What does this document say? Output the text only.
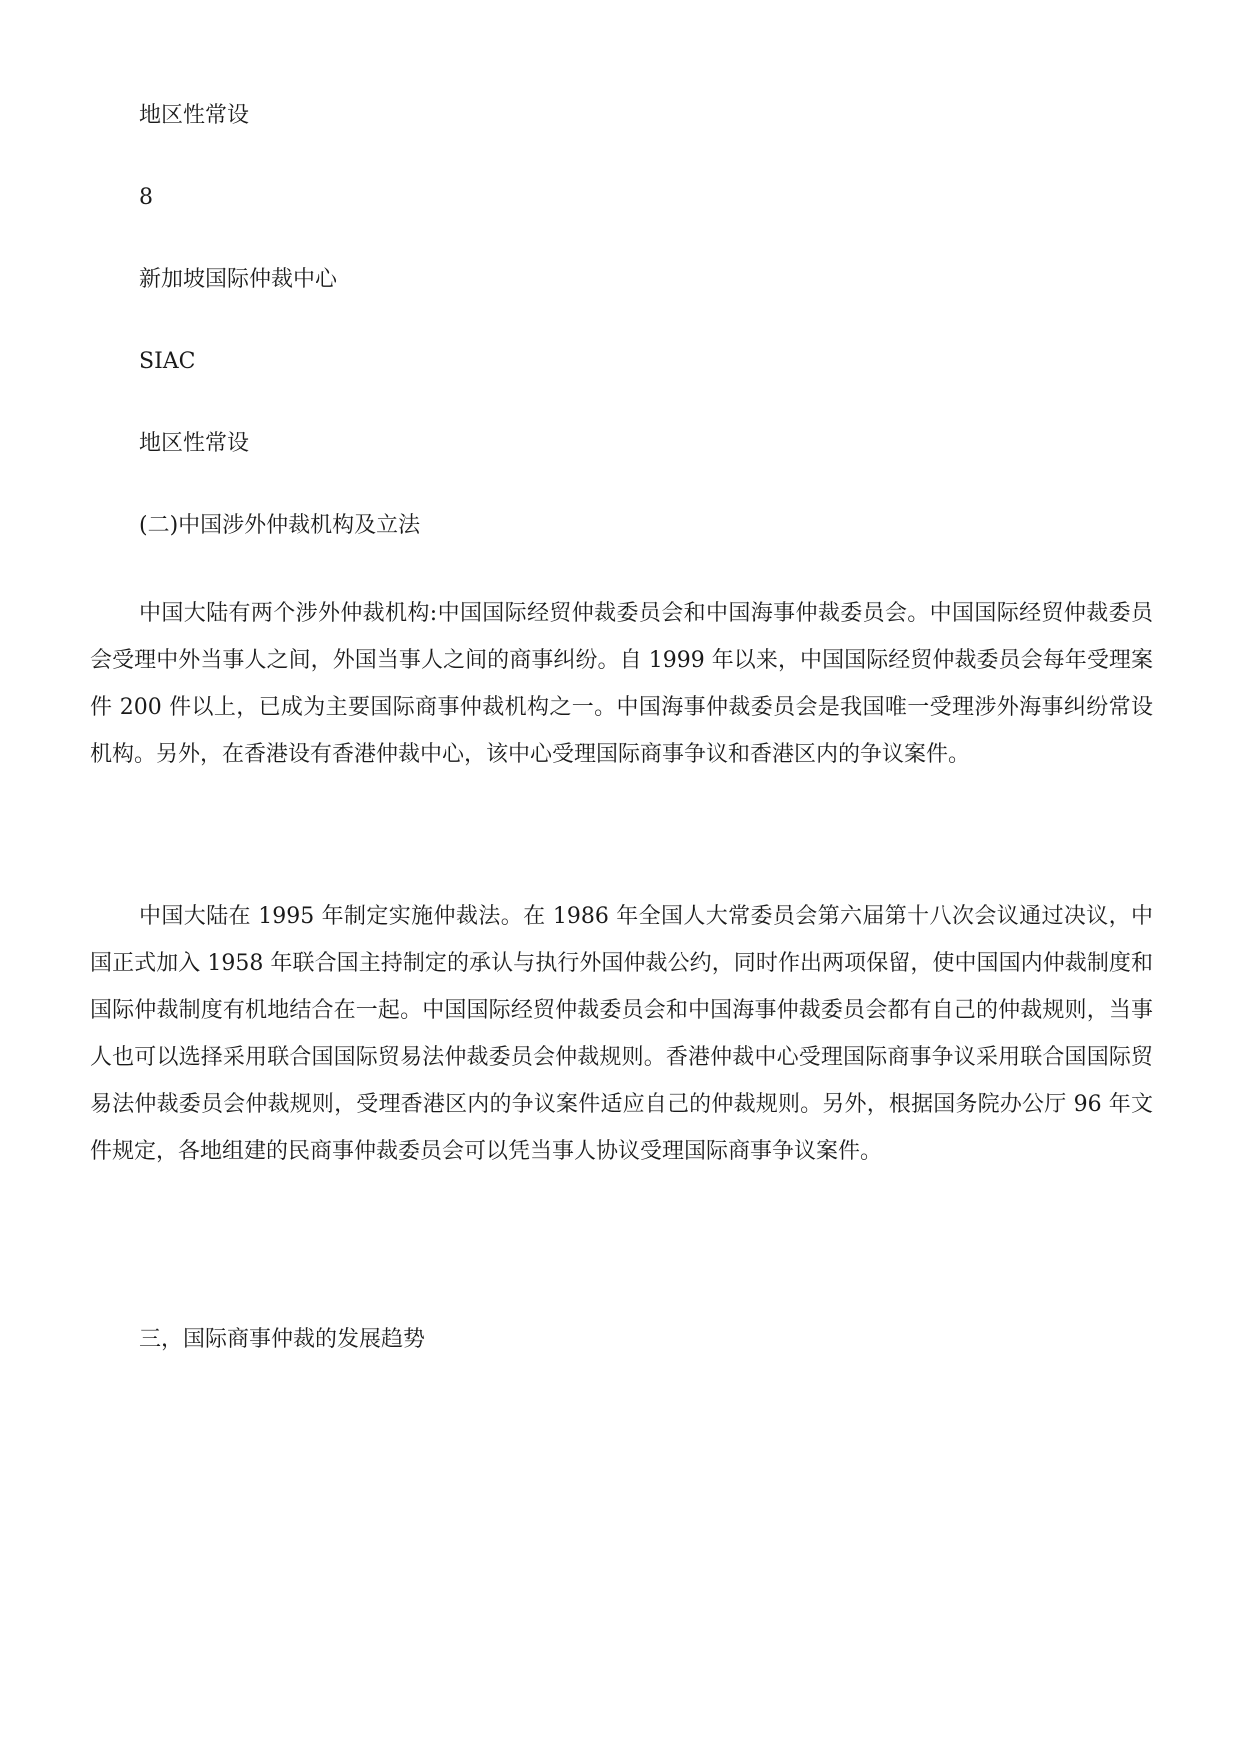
地区性常设
8
新加坡国际仲裁中心
SIAC
地区性常设
(二)中国涉外仲裁机构及立法

中国大陆有两个涉外仲裁机构:中国国际经贸仲裁委员会和中国海事仲裁委员会。中国国际经贸仲裁委员会受理中外当事人之间，外国当事人之间的商事纠纷。自 1999 年以来，中国国际经贸仲裁委员会每年受理案件 200 件以上，已成为主要国际商事仲裁机构之一。中国海事仲裁委员会是我国唯一受理涉外海事纠纷常设机构。另外，在香港设有香港仲裁中心，该中心受理国际商事争议和香港区内的争议案件。

中国大陆在 1995 年制定实施仲裁法。在 1986 年全国人大常委员会第六届第十八次会议通过决议，中国正式加入 1958 年联合国主持制定的承认与执行外国仲裁公约，同时作出两项保留，使中国国内仲裁制度和国际仲裁制度有机地结合在一起。中国国际经贸仲裁委员会和中国海事仲裁委员会都有自己的仲裁规则，当事人也可以选择采用联合国国际贸易法仲裁委员会仲裁规则。香港仲裁中心受理国际商事争议采用联合国国际贸易法仲裁委员会仲裁规则，受理香港区内的争议案件适应自己的仲裁规则。另外，根据国务院办公厅 96 年文件规定，各地组建的民商事仲裁委员会可以凭当事人协议受理国际商事争议案件。

三，国际商事仲裁的发展趋势
